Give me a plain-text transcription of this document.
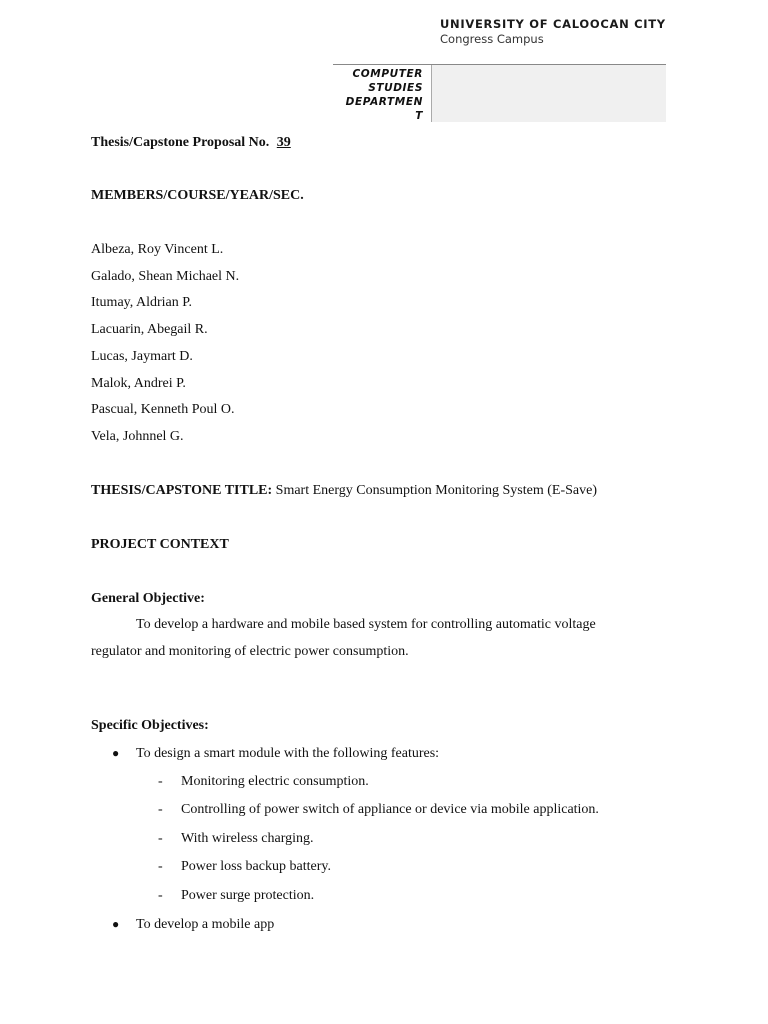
UNIVERSITY OF CALOOCAN CITY
Congress Campus
COMPUTER
STUDIES
DEPARTMEN
T
Thesis/Capstone Proposal No. 39
MEMBERS/COURSE/YEAR/SEC.
Albeza, Roy Vincent L.
Galado, Shean Michael N.
Itumay, Aldrian P.
Lacuarin, Abegail R.
Lucas, Jaymart D.
Malok, Andrei P.
Pascual, Kenneth Poul O.
Vela, Johnnel G.
THESIS/CAPSTONE TITLE: Smart Energy Consumption Monitoring System (E-Save)
PROJECT CONTEXT
General Objective:
To develop a hardware and mobile based system for controlling automatic voltage
regulator and monitoring of electric power consumption.
Specific Objectives:
● To design a smart module with the following features:
- Monitoring electric consumption.
- Controlling of power switch of appliance or device via mobile application.
- With wireless charging.
- Power loss backup battery.
- Power surge protection.
● To develop a mobile app
